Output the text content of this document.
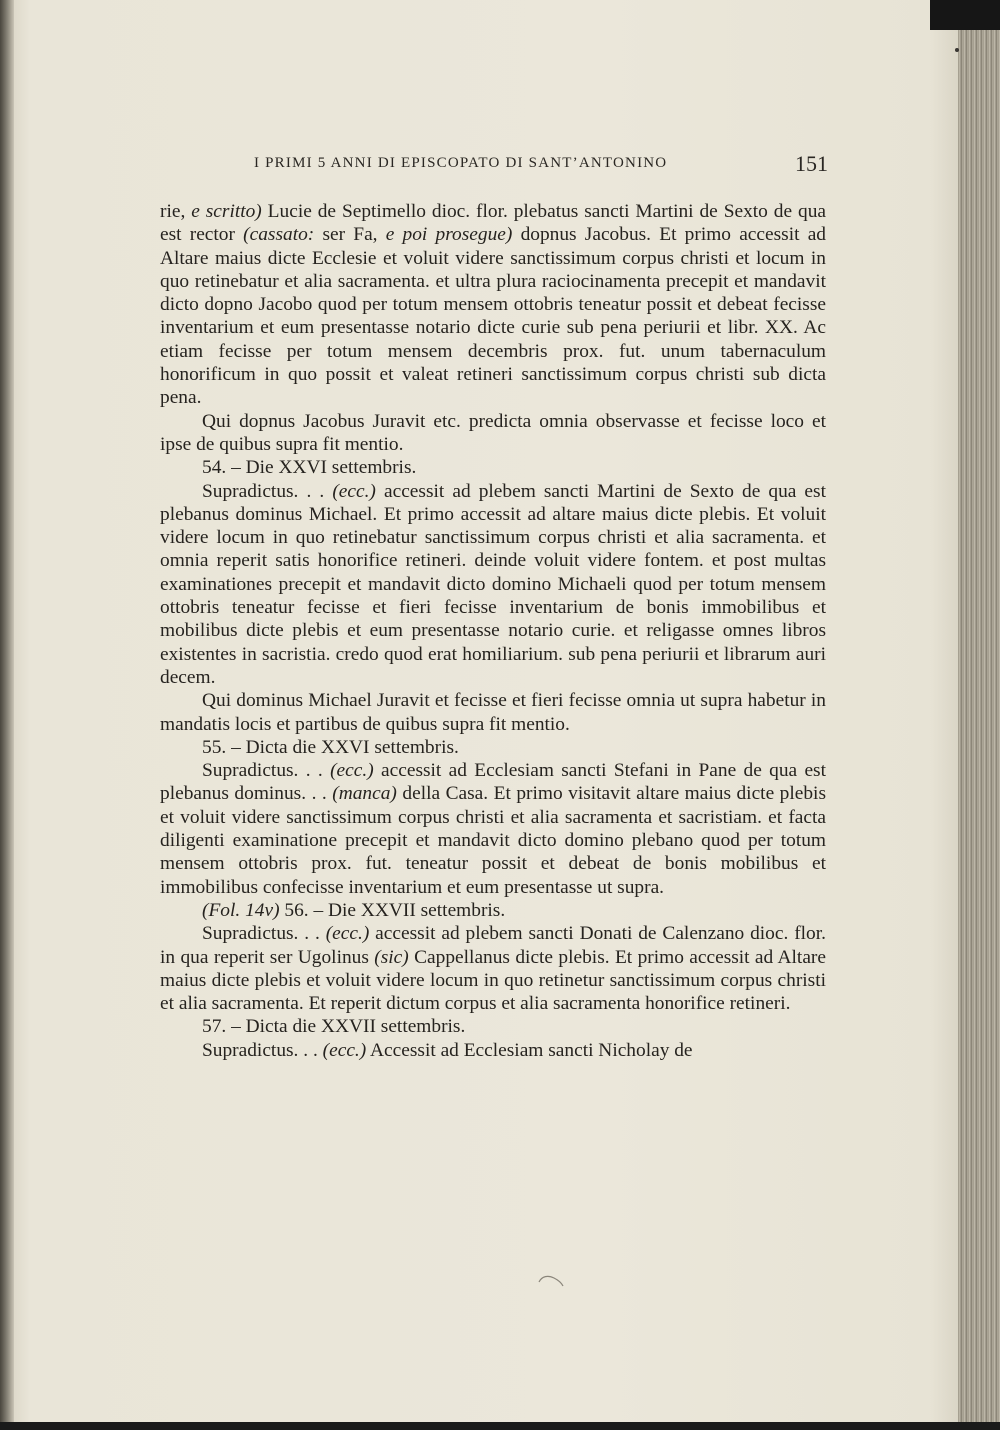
I PRIMI 5 ANNI DI EPISCOPATO DI SANT’ANTONINO	151

rie, e scritto) Lucie de Septimello dioc. flor. plebatus sancti Martini de Sexto de qua est rector (cassato: ser Fa, e poi prosegue) dopnus Jacobus. Et primo accessit ad Altare maius dicte Ecclesie et voluit videre sanctissimum corpus christi et locum in quo retinebatur et alia sacramenta. et ultra plura raciocinamenta precepit et mandavit dicto dopno Jacobo quod per totum mensem ottobris teneatur possit et debeat fecisse inventarium et eum presentasse notario dicte curie sub pena periurii et libr. XX. Ac etiam fecisse per totum mensem decembris prox. fut. unum tabernaculum honorificum in quo possit et valeat retineri sanctissimum corpus christi sub dicta pena.

Qui dopnus Jacobus Juravit etc. predicta omnia observasse et fecisse loco et ipse de quibus supra fit mentio.

54. – Die XXVI settembris.

Supradictus. . . (ecc.) accessit ad plebem sancti Martini de Sexto de qua est plebanus dominus Michael. Et primo accessit ad altare maius dicte plebis. Et voluit videre locum in quo retinebatur sanctissimum corpus christi et alia sacramenta. et omnia reperit satis honorifice retineri. deinde voluit videre fontem. et post multas examinationes precepit et mandavit dicto domino Michaeli quod per totum mensem ottobris teneatur fecisse et fieri fecisse inventarium de bonis immobilibus et mobilibus dicte plebis et eum presentasse notario curie. et religasse omnes libros existentes in sacristia. credo quod erat homiliarium. sub pena periurii et librarum auri decem.

Qui dominus Michael Juravit et fecisse et fieri fecisse omnia ut supra habetur in mandatis locis et partibus de quibus supra fit mentio.

55. – Dicta die XXVI settembris.

Supradictus. . . (ecc.) accessit ad Ecclesiam sancti Stefani in Pane de qua est plebanus dominus. . . (manca) della Casa. Et primo visitavit altare maius dicte plebis et voluit videre sanctissimum corpus christi et alia sacramenta et sacristiam. et facta diligenti examinatione precepit et mandavit dicto domino plebano quod per totum mensem ottobris prox. fut. teneatur possit et debeat de bonis mobilibus et immobilibus confecisse inventarium et eum presentasse ut supra.

(Fol. 14v) 56. – Die XXVII settembris.

Supradictus. . . (ecc.) accessit ad plebem sancti Donati de Calenzano dioc. flor. in qua reperit ser Ugolinus (sic) Cappellanus dicte plebis. Et primo accessit ad Altare maius dicte plebis et voluit videre locum in quo retinetur sanctissimum corpus christi et alia sacramenta. Et reperit dictum corpus et alia sacramenta honorifice retineri.

57. – Dicta die XXVII settembris.

Supradictus. . . (ecc.) Accessit ad Ecclesiam sancti Nicholay de
